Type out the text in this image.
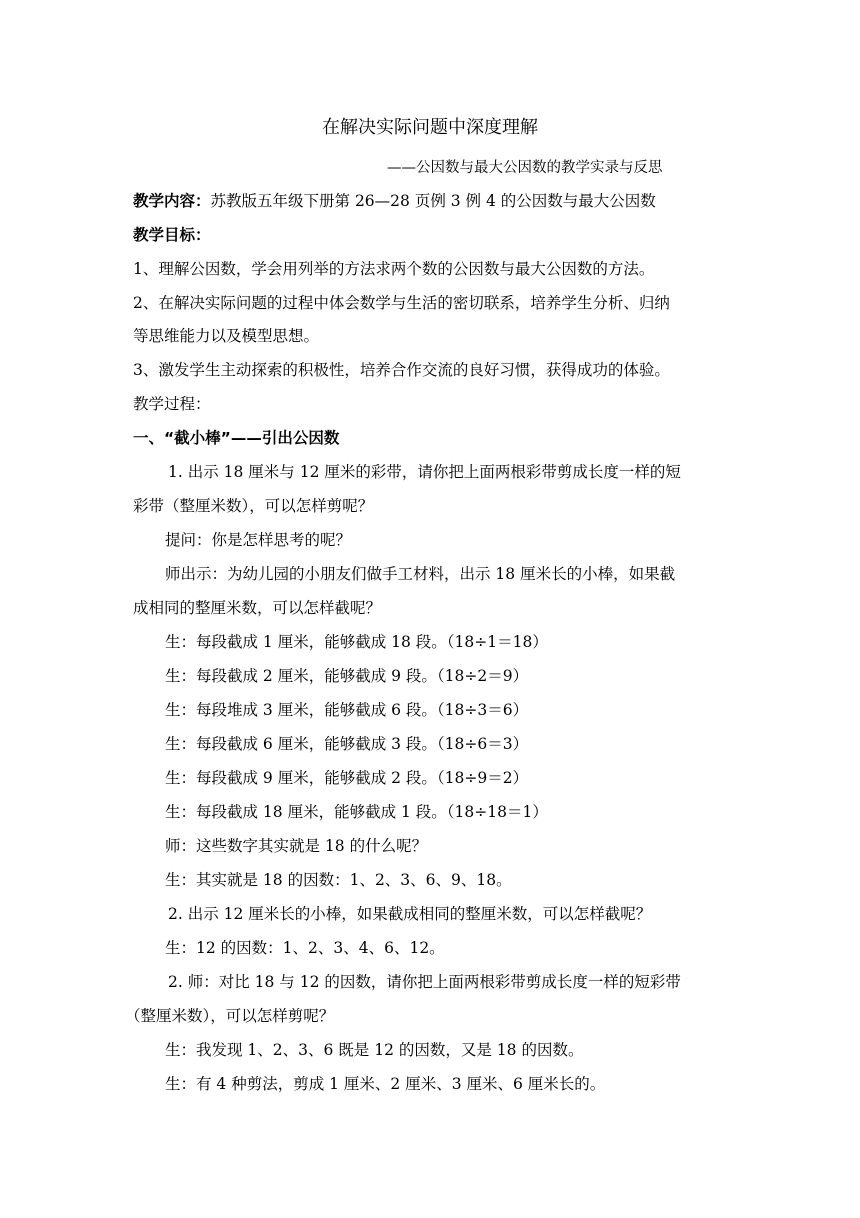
在解决实际问题中深度理解
——公因数与最大公因数的教学实录与反思
教学内容：苏教版五年级下册第 26—28 页例 3 例 4 的公因数与最大公因数
教学目标：
1、理解公因数，学会用列举的方法求两个数的公因数与最大公因数的方法。
2、在解决实际问题的过程中体会数学与生活的密切联系，培养学生分析、归纳
等思维能力以及模型思想。
3、激发学生主动探索的积极性，培养合作交流的良好习惯，获得成功的体验。
教学过程：
一、“截小棒”——引出公因数
1. 出示 18 厘米与 12 厘米的彩带，请你把上面两根彩带剪成长度一样的短
彩带（整厘米数），可以怎样剪呢？
提问：你是怎样思考的呢？
师出示：为幼儿园的小朋友们做手工材料，出示 18 厘米长的小棒，如果截
成相同的整厘米数，可以怎样截呢？
生：每段截成 1 厘米，能够截成 18 段。（18÷1＝18）
生：每段截成 2 厘米，能够截成 9 段。（18÷2＝9）
生：每段堆成 3 厘米，能够截成 6 段。（18÷3＝6）
生：每段截成 6 厘米，能够截成 3 段。（18÷6＝3）
生：每段截成 9 厘米，能够截成 2 段。（18÷9＝2）
生：每段截成 18 厘米，能够截成 1 段。（18÷18＝1）
师：这些数字其实就是 18 的什么呢？
生：其实就是 18 的因数：1、2、3、6、9、18。
2. 出示 12 厘米长的小棒，如果截成相同的整厘米数，可以怎样截呢？
生：12 的因数：1、2、3、4、6、12。
2. 师：对比 18 与 12 的因数，请你把上面两根彩带剪成长度一样的短彩带
（整厘米数），可以怎样剪呢？
生：我发现 1、2、3、6 既是 12 的因数，又是 18 的因数。
生：有 4 种剪法，剪成 1 厘米、2 厘米、3 厘米、6 厘米长的。
